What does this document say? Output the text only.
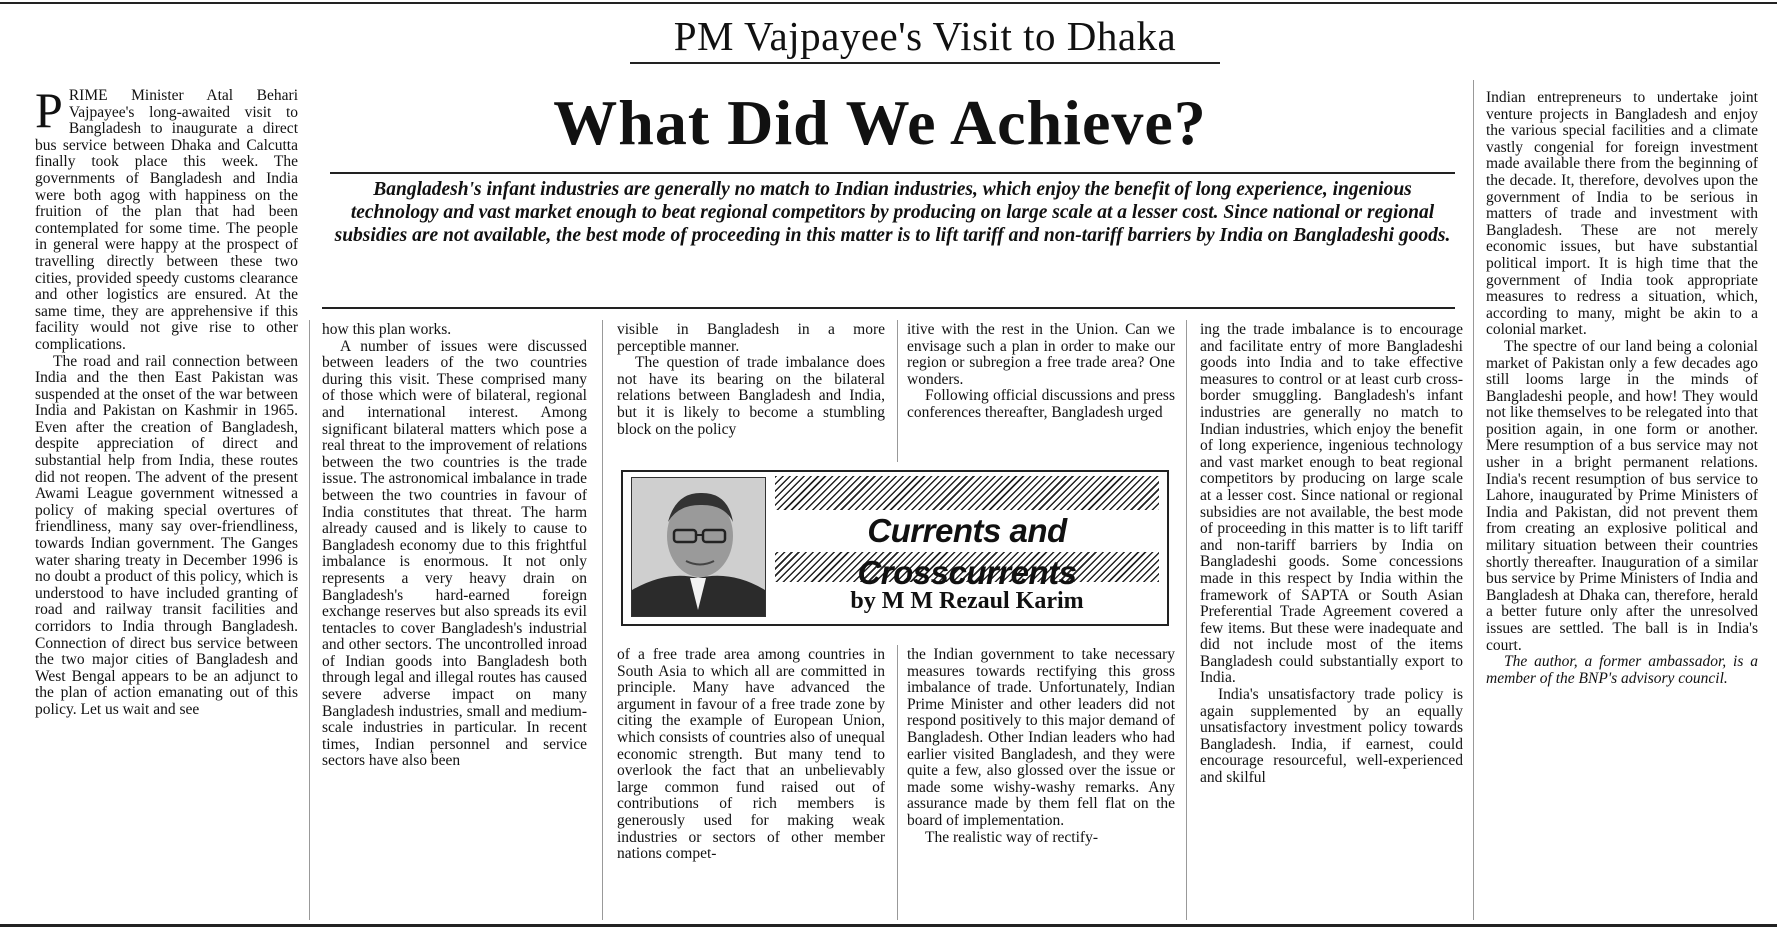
PM Vajpayee's Visit to Dhaka
What Did We Achieve?
Bangladesh's infant industries are generally no match to Indian industries, which enjoy the benefit of long experience, ingenious technology and vast market enough to beat regional competitors by producing on large scale at a lesser cost. Since national or regional subsidies are not available, the best mode of proceeding in this matter is to lift tariff and non-tariff barriers by India on Bangladeshi goods.

PRIME Minister Atal Behari Vajpayee's long-awaited visit to Bangladesh to inaugurate a direct bus service between Dhaka and Calcutta finally took place this week. The governments of Bangladesh and India were both agog with happiness on the fruition of the plan that had been contemplated for some time. The people in general were happy at the prospect of travelling directly between these two cities, provided speedy customs clearance and other logistics are ensured. At the same time, they are apprehensive if this facility would not give rise to other complications.

The road and rail connection between India and the then East Pakistan was suspended at the onset of the war between India and Pakistan on Kashmir in 1965. Even after the creation of Bangladesh, despite appreciation of direct and substantial help from India, these routes did not reopen. The advent of the present Awami League government witnessed a policy of making special overtures of friendliness, many say over-friendliness, towards Indian government. The Ganges water sharing treaty in December 1996 is no doubt a product of this policy, which is understood to have included granting of road and railway transit facilities and corridors to India through Bangladesh. Connection of direct bus service between the two major cities of Bangladesh and West Bengal appears to be an adjunct to the plan of action emanating out of this policy. Let us wait and see

how this plan works.

A number of issues were discussed between leaders of the two countries during this visit. These comprised many of those which were of bilateral, regional and international interest. Among significant bilateral matters which pose a real threat to the improvement of relations between the two countries is the trade issue. The astronomical imbalance in trade between the two countries in favour of India constitutes that threat. The harm already caused and is likely to cause to Bangladesh economy due to this frightful imbalance is enormous. It not only represents a very heavy drain on Bangladesh's hard-earned foreign exchange reserves but also spreads its evil tentacles to cover Bangladesh's industrial and other sectors. The uncontrolled inroad of Indian goods into Bangladesh both through legal and illegal routes has caused severe adverse impact on many Bangladesh industries, small and medium-scale industries in particular. In recent times, Indian personnel and service sectors have also been

visible in Bangladesh in a more perceptible manner.

The question of trade imbalance does not have its bearing on the bilateral relations between Bangladesh and India, but it is likely to become a stumbling block on the policy

itive with the rest in the Union. Can we envisage such a plan in order to make our region or subregion a free trade area? One wonders.

Following official discussions and press conferences thereafter, Bangladesh urged

Currents and Crosscurrents
by M M Rezaul Karim

of a free trade area among countries in South Asia to which all are committed in principle. Many have advanced the argument in favour of a free trade zone by citing the example of European Union, which consists of countries also of unequal economic strength. But many tend to overlook the fact that an unbelievably large common fund raised out of contributions of rich members is generously used for making weak industries or sectors of other member nations compet-

the Indian government to take necessary measures towards rectifying this gross imbalance of trade. Unfortunately, Indian Prime Minister and other leaders did not respond positively to this major demand of Bangladesh. Other Indian leaders who had earlier visited Bangladesh, and they were quite a few, also glossed over the issue or made some wishy-washy remarks. Any assurance made by them fell flat on the board of implementation.

The realistic way of rectify-

ing the trade imbalance is to encourage and facilitate entry of more Bangladeshi goods into India and to take effective measures to control or at least curb cross-border smuggling. Bangladesh's infant industries are generally no match to Indian industries, which enjoy the benefit of long experience, ingenious technology and vast market enough to beat regional competitors by producing on large scale at a lesser cost. Since national or regional subsidies are not available, the best mode of proceeding in this matter is to lift tariff and non-tariff barriers by India on Bangladeshi goods. Some concessions made in this respect by India within the framework of SAPTA or South Asian Preferential Trade Agreement covered a few items. But these were inadequate and did not include most of the items Bangladesh could substantially export to India.

India's unsatisfactory trade policy is again supplemented by an equally unsatisfactory investment policy towards Bangladesh. India, if earnest, could encourage resourceful, well-experienced and skilful

Indian entrepreneurs to undertake joint venture projects in Bangladesh and enjoy the various special facilities and a climate vastly congenial for foreign investment made available there from the beginning of the decade. It, therefore, devolves upon the government of India to be serious in matters of trade and investment with Bangladesh. These are not merely economic issues, but have substantial political import. It is high time that the government of India took appropriate measures to redress a situation, which, according to many, might be akin to a colonial market.

The spectre of our land being a colonial market of Pakistan only a few decades ago still looms large in the minds of Bangladeshi people, and how! They would not like themselves to be relegated into that position again, in one form or another. Mere resumption of a bus service may not usher in a bright permanent relations. India's recent resumption of bus service to Lahore, inaugurated by Prime Ministers of India and Pakistan, did not prevent them from creating an explosive political and military situation between their countries shortly thereafter. Inauguration of a similar bus service by Prime Ministers of India and Bangladesh at Dhaka can, therefore, herald a better future only after the unresolved issues are settled. The ball is in India's court.

The author, a former ambassador, is a member of the BNP's advisory council.
